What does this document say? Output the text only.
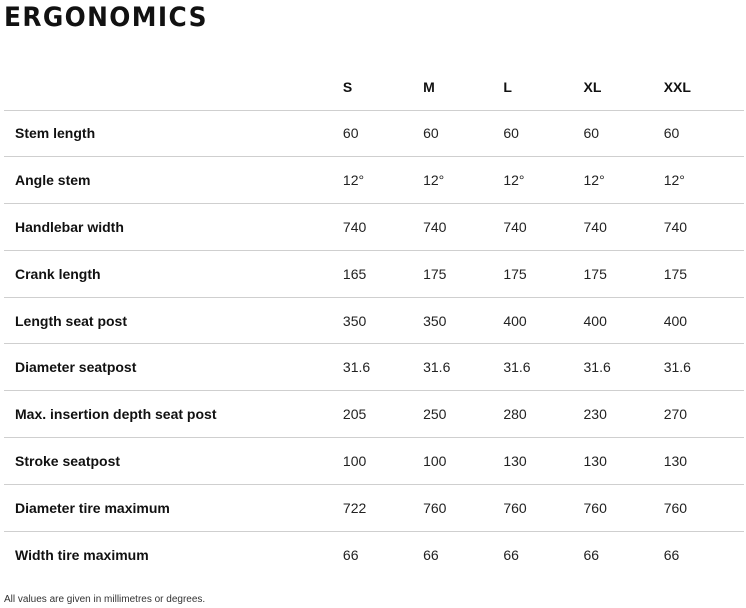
ERGONOMICS
	S	M	L	XL	XXL
Stem length	60	60	60	60	60
Angle stem	12°	12°	12°	12°	12°
Handlebar width	740	740	740	740	740
Crank length	165	175	175	175	175
Length seat post	350	350	400	400	400
Diameter seatpost	31.6	31.6	31.6	31.6	31.6
Max. insertion depth seat post	205	250	280	230	270
Stroke seatpost	100	100	130	130	130
Diameter tire maximum	722	760	760	760	760
Width tire maximum	66	66	66	66	66

All values are given in millimetres or degrees.
